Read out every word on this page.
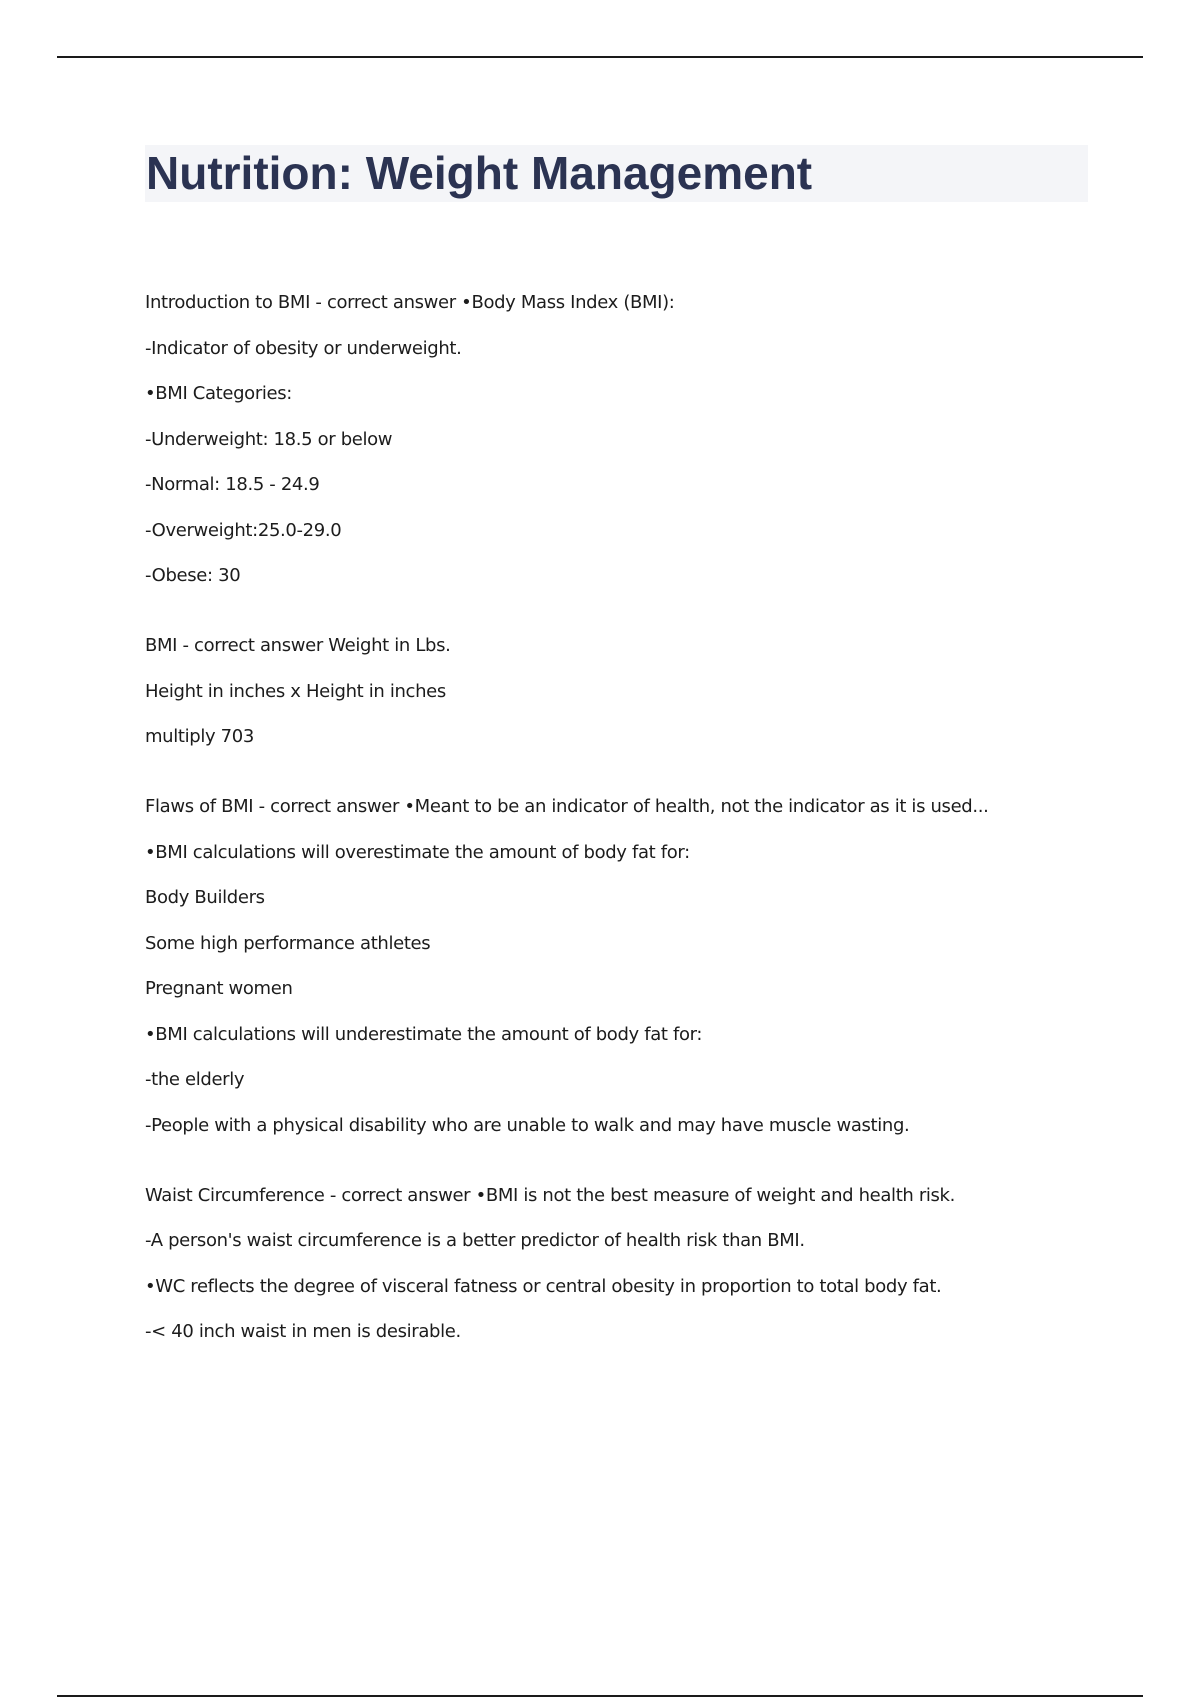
Nutrition: Weight Management
Introduction to BMI - correct answer •Body Mass Index (BMI):
-Indicator of obesity or underweight.
•BMI Categories:
-Underweight: 18.5 or below
-Normal: 18.5 - 24.9
-Overweight:25.0-29.0
-Obese: 30
BMI - correct answer Weight in Lbs.
Height in inches x Height in inches
multiply 703
Flaws of BMI - correct answer •Meant to be an indicator of health, not the indicator as it is used...
•BMI calculations will overestimate the amount of body fat for:
Body Builders
Some high performance athletes
Pregnant women
•BMI calculations will underestimate the amount of body fat for:
-the elderly
-People with a physical disability who are unable to walk and may have muscle wasting.
Waist Circumference - correct answer •BMI is not the best measure of weight and health risk.
-A person's waist circumference is a better predictor of health risk than BMI.
•WC reflects the degree of visceral fatness or central obesity in proportion to total body fat.
-< 40 inch waist in men is desirable.
